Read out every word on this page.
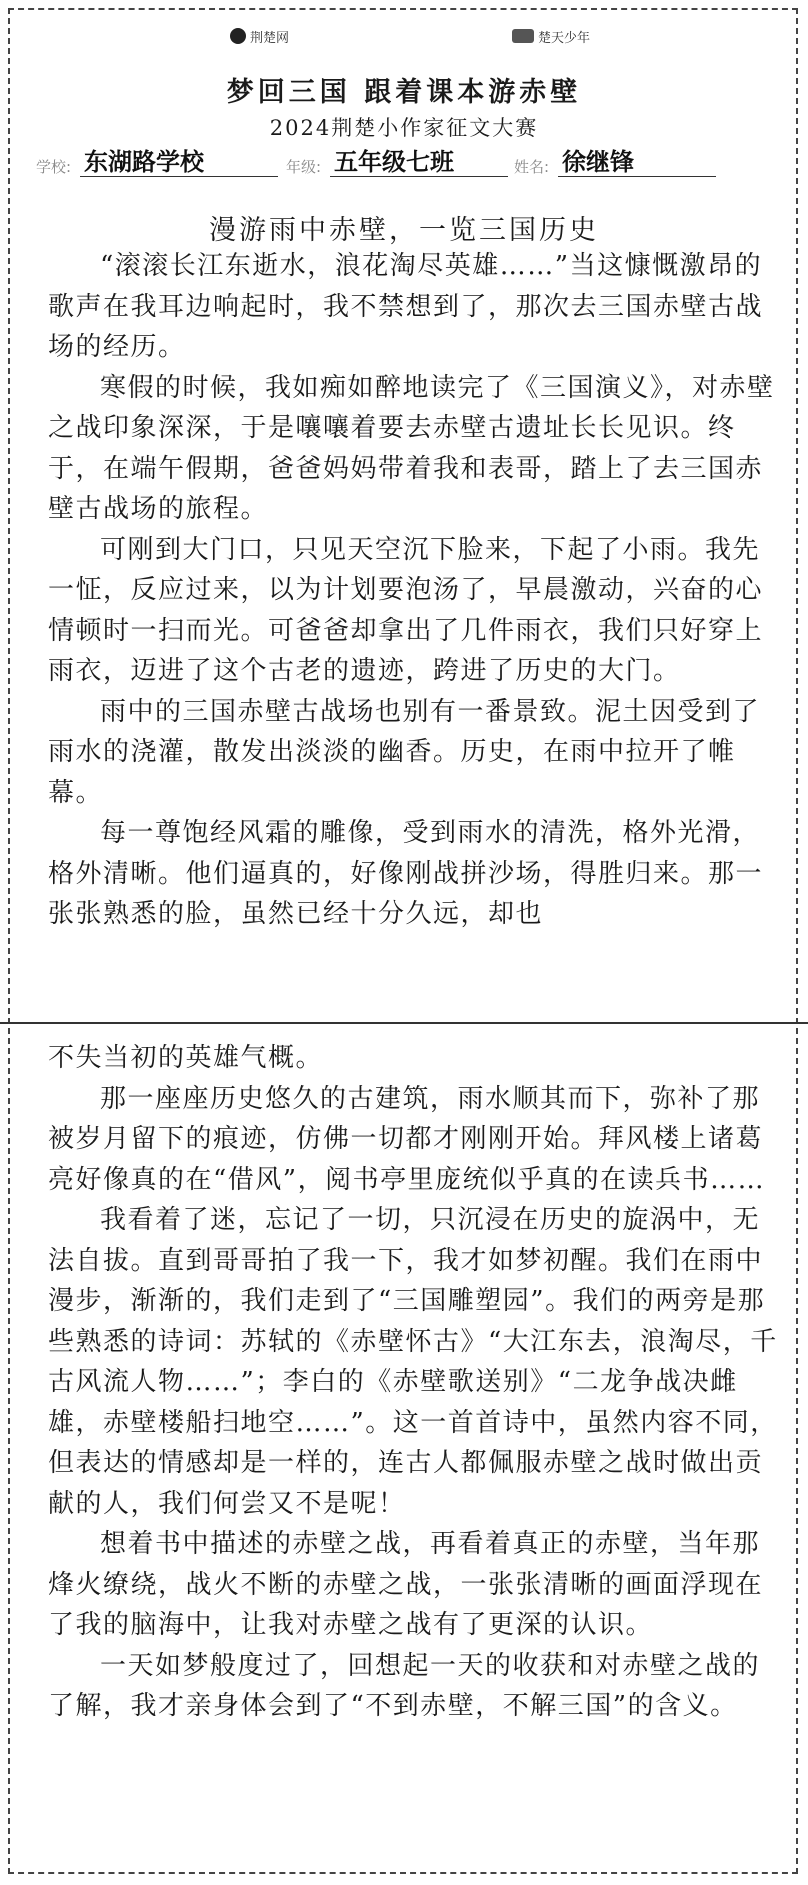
荆楚网	楚天少年
梦回三国 跟着课本游赤壁
2024荆楚小作家征文大赛
学校: 东湖路学校	年级: 五年级七班	姓名: 徐继锋
漫游雨中赤壁，一览三国历史

“滚滚长江东逝水，浪花淘尽英雄……”当这慷慨激昂的歌声在我耳边响起时，我不禁想到了，那次去三国赤壁古战场的经历。

寒假的时候，我如痴如醉地读完了《三国演义》，对赤壁之战印象深深，于是嚷嚷着要去赤壁古遗址长长见识。终于，在端午假期，爸爸妈妈带着我和表哥，踏上了去三国赤壁古战场的旅程。

可刚到大门口，只见天空沉下脸来，下起了小雨。我先一怔，反应过来，以为计划要泡汤了，早晨激动，兴奋的心情顿时一扫而光。可爸爸却拿出了几件雨衣，我们只好穿上雨衣，迈进了这个古老的遗迹，跨进了历史的大门。

雨中的三国赤壁古战场也别有一番景致。泥土因受到了雨水的浇灌，散发出淡淡的幽香。历史，在雨中拉开了帷幕。

每一尊饱经风霜的雕像，受到雨水的清洗，格外光滑，格外清晰。他们逼真的，好像刚战拼沙场，得胜归来。那一张张熟悉的脸，虽然已经十分久远，却也

不失当初的英雄气概。

那一座座历史悠久的古建筑，雨水顺其而下，弥补了那被岁月留下的痕迹，仿佛一切都才刚刚开始。拜风楼上诸葛亮好像真的在“借风”，阅书亭里庞统似乎真的在读兵书……

我看着了迷，忘记了一切，只沉浸在历史的旋涡中，无法自拔。直到哥哥拍了我一下，我才如梦初醒。我们在雨中漫步，渐渐的，我们走到了“三国雕塑园”。我们的两旁是那些熟悉的诗词：苏轼的《赤壁怀古》“大江东去，浪淘尽，千古风流人物……”；李白的《赤壁歌送别》“二龙争战决雌雄，赤壁楼船扫地空……”。这一首首诗中，虽然内容不同，但表达的情感却是一样的，连古人都佩服赤壁之战时做出贡献的人，我们何尝又不是呢！

想着书中描述的赤壁之战，再看着真正的赤壁，当年那烽火缭绕，战火不断的赤壁之战，一张张清晰的画面浮现在了我的脑海中，让我对赤壁之战有了更深的认识。

一天如梦般度过了，回想起一天的收获和对赤壁之战的了解，我才亲身体会到了“不到赤壁，不解三国”的含义。
